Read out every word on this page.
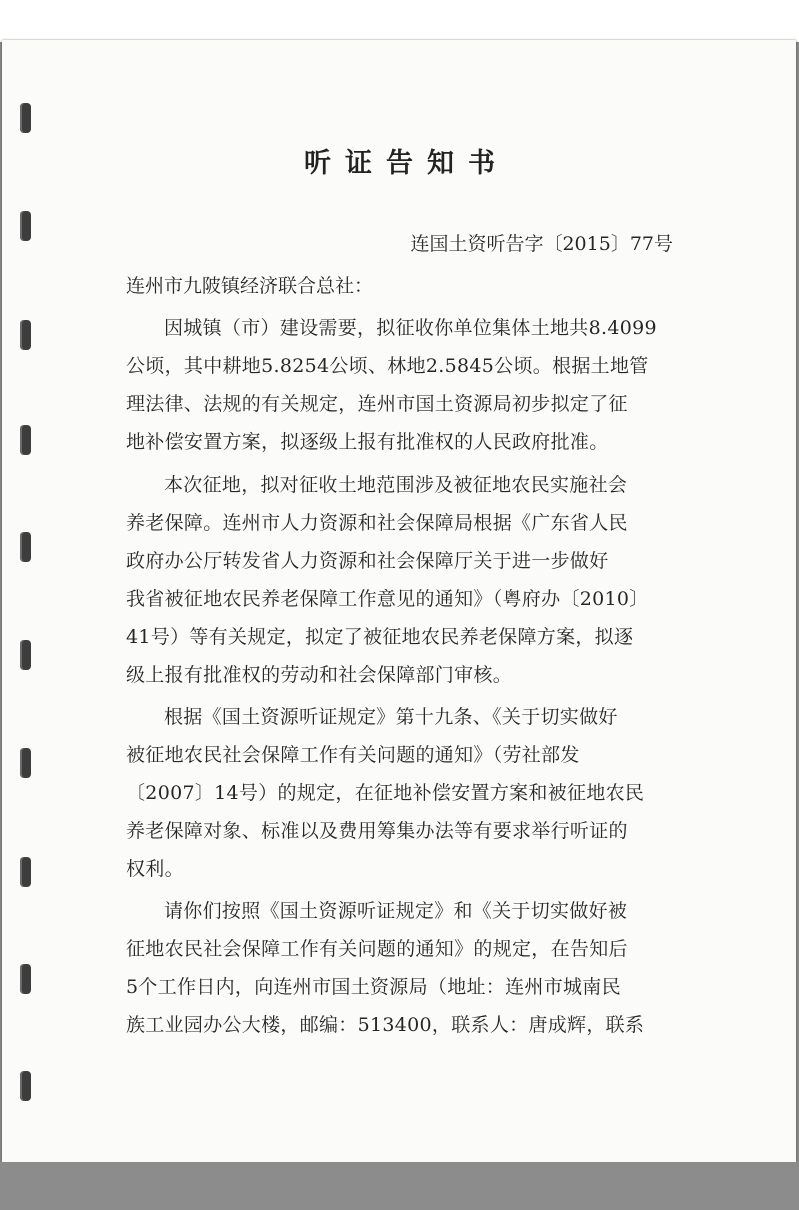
听证告知书

连国土资听告字〔2015〕77号

连州市九陂镇经济联合总社：

因城镇（市）建设需要，拟征收你单位集体土地共8.4099

公顷，其中耕地5.8254公顷、林地2.5845公顷。根据土地管

理法律、法规的有关规定，连州市国土资源局初步拟定了征

地补偿安置方案，拟逐级上报有批准权的人民政府批准。

本次征地，拟对征收土地范围涉及被征地农民实施社会

养老保障。连州市人力资源和社会保障局根据《广东省人民

政府办公厅转发省人力资源和社会保障厅关于进一步做好

我省被征地农民养老保障工作意见的通知》（粤府办〔2010〕

41号）等有关规定，拟定了被征地农民养老保障方案，拟逐

级上报有批准权的劳动和社会保障部门审核。

根据《国土资源听证规定》第十九条、《关于切实做好

被征地农民社会保障工作有关问题的通知》（劳社部发

〔2007〕14号）的规定，在征地补偿安置方案和被征地农民

养老保障对象、标准以及费用筹集办法等有要求举行听证的

权利。

请你们按照《国土资源听证规定》和《关于切实做好被

征地农民社会保障工作有关问题的通知》的规定，在告知后

5个工作日内，向连州市国土资源局（地址：连州市城南民

族工业园办公大楼，邮编：513400，联系人：唐成辉，联系
